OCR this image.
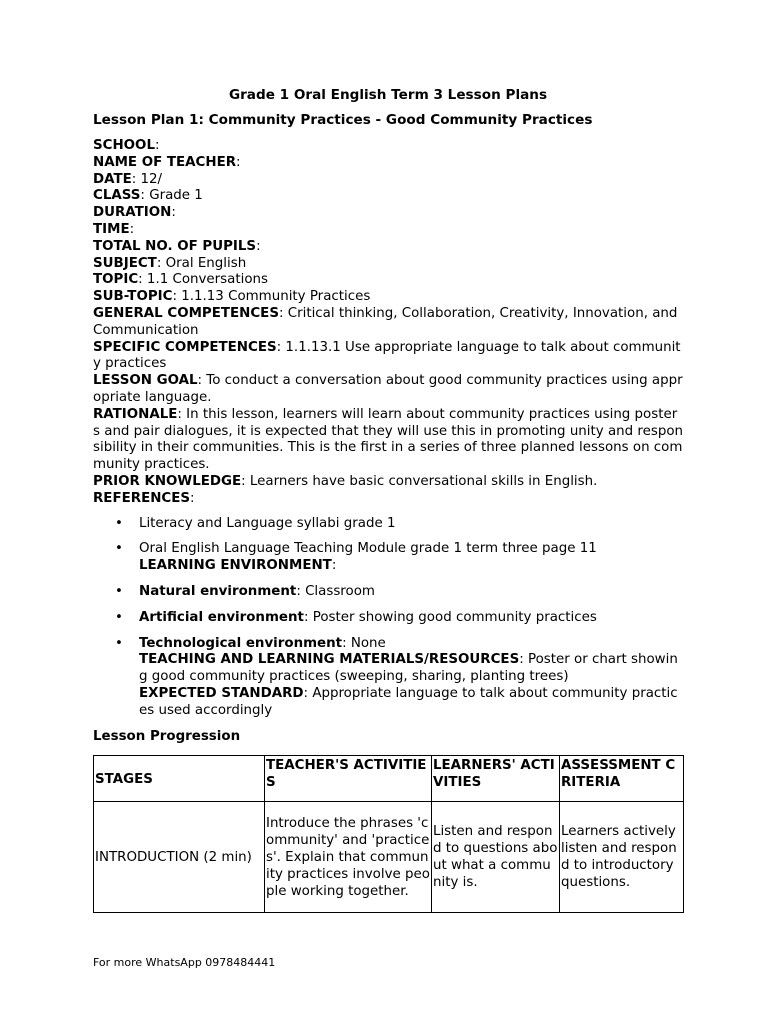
Grade 1 Oral English Term 3 Lesson Plans
Lesson Plan 1: Community Practices - Good Community Practices

SCHOOL:

NAME OF TEACHER:

DATE: 12/

CLASS: Grade 1

DURATION:

TIME:

TOTAL NO. OF PUPILS:

SUBJECT: Oral English

TOPIC: 1.1 Conversations

SUB-TOPIC: 1.1.13 Community Practices

GENERAL COMPETENCES: Critical thinking, Collaboration, Creativity, Innovation, and Communication

SPECIFIC COMPETENCES: 1.1.13.1 Use appropriate language to talk about community practices

LESSON GOAL: To conduct a conversation about good community practices using appropriate language.

RATIONALE: In this lesson, learners will learn about community practices using posters and pair dialogues, it is expected that they will use this in promoting unity and responsibility in their communities. This is the first in a series of three planned lessons on community practices.

PRIOR KNOWLEDGE: Learners have basic conversational skills in English.

REFERENCES:

• Literacy and Language syllabi grade 1
• Oral English Language Teaching Module grade 1 term three page 11
LEARNING ENVIRONMENT:
• Natural environment: Classroom
• Artificial environment: Poster showing good community practices
• Technological environment: None
TEACHING AND LEARNING MATERIALS/RESOURCES: Poster or chart showing good community practices (sweeping, sharing, planting trees)
EXPECTED STANDARD: Appropriate language to talk about community practices used accordingly
Lesson Progression
STAGES	TEACHER'S ACTIVITIES	LEARNERS' ACTIVITIES	ASSESSMENT CRITERIA
INTRODUCTION (2 min)	Introduce the phrases 'community' and 'practices'. Explain that community practices involve people working together.	Listen and respond to questions about what a community is.	Learners actively listen and respond to introductory questions.
For more WhatsApp 0978484441
